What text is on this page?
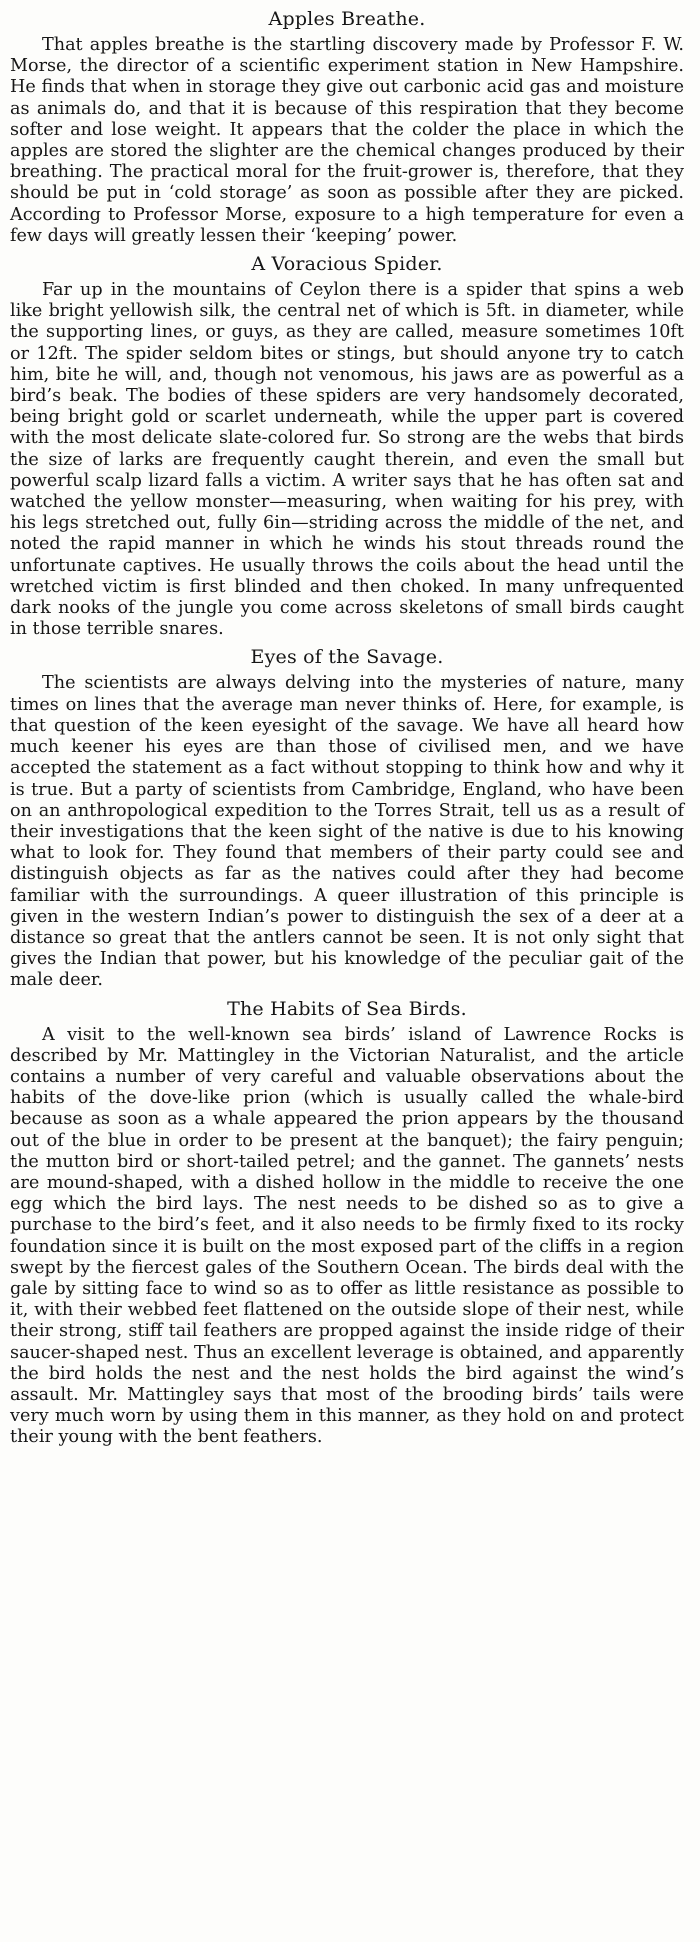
Apples Breathe.

That apples breathe is the startling discovery made by Professor F. W. Morse, the director of a scientific experiment station in New Hampshire. He finds that when in storage they give out carbonic acid gas and moisture as animals do, and that it is because of this respiration that they become softer and lose weight. It appears that the colder the place in which the apples are stored the slighter are the chemical changes produced by their breathing. The practical moral for the fruit-grower is, therefore, that they should be put in ‘cold storage’ as soon as possible after they are picked. According to Professor Morse, exposure to a high temperature for even a few days will greatly lessen their ‘keeping’ power.

A Voracious Spider.

Far up in the mountains of Ceylon there is a spider that spins a web like bright yellowish silk, the central net of which is 5ft. in diameter, while the supporting lines, or guys, as they are called, measure sometimes 10ft or 12ft. The spider seldom bites or stings, but should anyone try to catch him, bite he will, and, though not venomous, his jaws are as powerful as a bird’s beak. The bodies of these spiders are very handsomely decorated, being bright gold or scarlet underneath, while the upper part is covered with the most delicate slate-colored fur. So strong are the webs that birds the size of larks are frequently caught therein, and even the small but powerful scalp lizard falls a victim. A writer says that he has often sat and watched the yellow monster—measuring, when waiting for his prey, with his legs stretched out, fully 6in—striding across the middle of the net, and noted the rapid manner in which he winds his stout threads round the unfortunate captives. He usually throws the coils about the head until the wretched victim is first blinded and then choked. In many unfrequented dark nooks of the jungle you come across skeletons of small birds caught in those terrible snares.

Eyes of the Savage.

The scientists are always delving into the mysteries of nature, many times on lines that the average man never thinks of. Here, for example, is that question of the keen eyesight of the savage. We have all heard how much keener his eyes are than those of civilised men, and we have accepted the statement as a fact without stopping to think how and why it is true. But a party of scientists from Cambridge, England, who have been on an anthropological expedition to the Torres Strait, tell us as a result of their investigations that the keen sight of the native is due to his knowing what to look for. They found that members of their party could see and distinguish objects as far as the natives could after they had become familiar with the surroundings. A queer illustration of this principle is given in the western Indian’s power to distinguish the sex of a deer at a distance so great that the antlers cannot be seen. It is not only sight that gives the Indian that power, but his knowledge of the peculiar gait of the male deer.

The Habits of Sea Birds.

A visit to the well-known sea birds’ island of Lawrence Rocks is described by Mr. Mattingley in the Victorian Naturalist, and the article contains a number of very careful and valuable observations about the habits of the dove-like prion (which is usually called the whale-bird because as soon as a whale appeared the prion appears by the thousand out of the blue in order to be present at the banquet); the fairy penguin; the mutton bird or short-tailed petrel; and the gannet. The gannets’ nests are mound-shaped, with a dished hollow in the middle to receive the one egg which the bird lays. The nest needs to be dished so as to give a purchase to the bird’s feet, and it also needs to be firmly fixed to its rocky foundation since it is built on the most exposed part of the cliffs in a region swept by the fiercest gales of the Southern Ocean. The birds deal with the gale by sitting face to wind so as to offer as little resistance as possible to it, with their webbed feet flattened on the outside slope of their nest, while their strong, stiff tail feathers are propped against the inside ridge of their saucer-shaped nest. Thus an excellent leverage is obtained, and apparently the bird holds the nest and the nest holds the bird against the wind’s assault. Mr. Mattingley says that most of the brooding birds’ tails were very much worn by using them in this manner, as they hold on and protect their young with the bent feathers.
